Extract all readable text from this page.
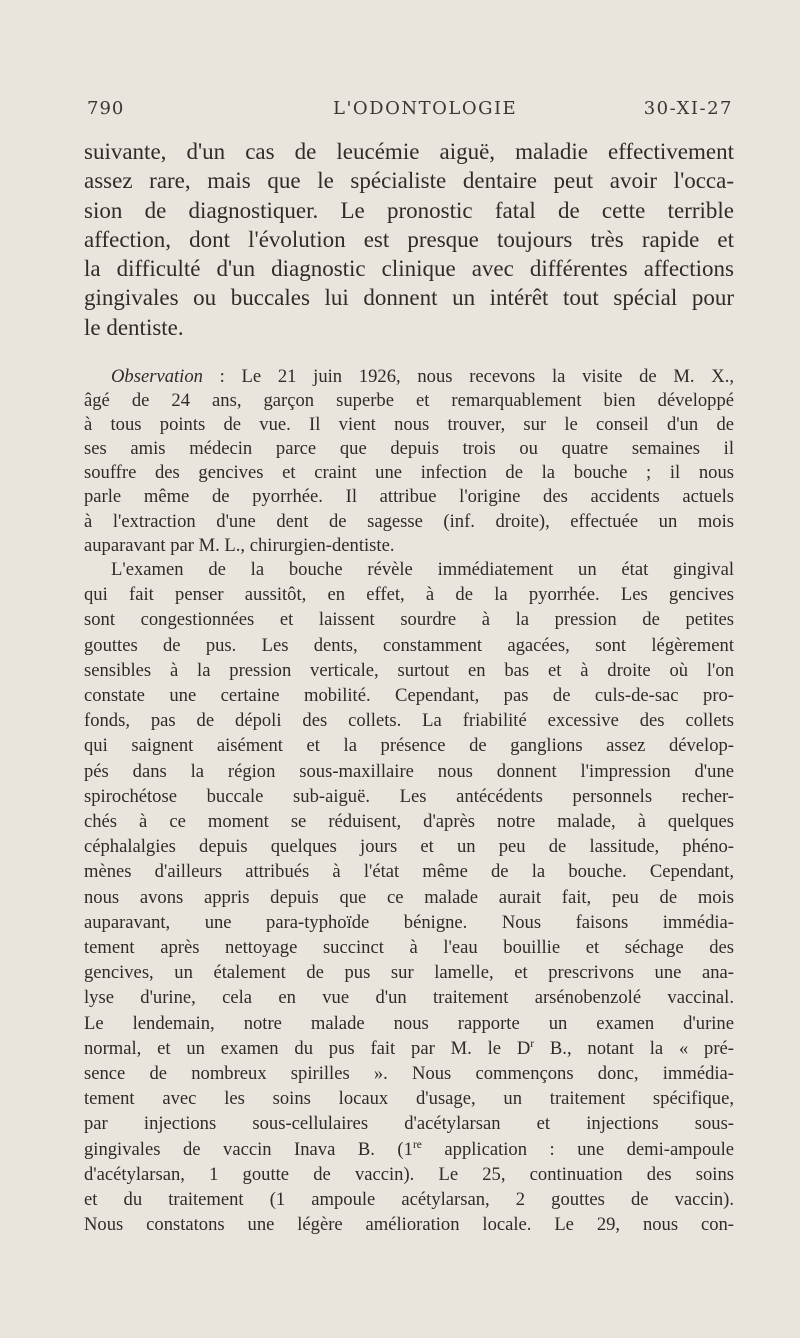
790	L'ODONTOLOGIE	30-XI-27
suivante, d'un cas de leucémie aiguë, maladie effectivement
assez rare, mais que le spécialiste dentaire peut avoir l'occa-
sion de diagnostiquer. Le pronostic fatal de cette terrible
affection, dont l'évolution est presque toujours très rapide et
la difficulté d'un diagnostic clinique avec différentes affections
gingivales ou buccales lui donnent un intérêt tout spécial pour
le dentiste.
Observation : Le 21 juin 1926, nous recevons la visite de M. X.,
âgé de 24 ans, garçon superbe et remarquablement bien développé
à tous points de vue. Il vient nous trouver, sur le conseil d'un de
ses amis médecin parce que depuis trois ou quatre semaines il
souffre des gencives et craint une infection de la bouche ; il nous
parle même de pyorrhée. Il attribue l'origine des accidents actuels
à l'extraction d'une dent de sagesse (inf. droite), effectuée un mois
auparavant par M. L., chirurgien-dentiste.
L'examen de la bouche révèle immédiatement un état gingival
qui fait penser aussitôt, en effet, à de la pyorrhée. Les gencives
sont congestionnées et laissent sourdre à la pression de petites
gouttes de pus. Les dents, constamment agacées, sont légèrement
sensibles à la pression verticale, surtout en bas et à droite où l'on
constate une certaine mobilité. Cependant, pas de culs-de-sac pro-
fonds, pas de dépoli des collets. La friabilité excessive des collets
qui saignent aisément et la présence de ganglions assez dévelop-
pés dans la région sous-maxillaire nous donnent l'impression d'une
spirochétose buccale sub-aiguë. Les antécédents personnels recher-
chés à ce moment se réduisent, d'après notre malade, à quelques
céphalalgies depuis quelques jours et un peu de lassitude, phéno-
mènes d'ailleurs attribués à l'état même de la bouche. Cependant,
nous avons appris depuis que ce malade aurait fait, peu de mois
auparavant, une para-typhoïde bénigne. Nous faisons immédia-
tement après nettoyage succinct à l'eau bouillie et séchage des
gencives, un étalement de pus sur lamelle, et prescrivons une ana-
lyse d'urine, cela en vue d'un traitement arsénobenzolé vaccinal.
Le lendemain, notre malade nous rapporte un examen d'urine
normal, et un examen du pus fait par M. le $D^r$ B., notant la « pré-
sence de nombreux spirilles ». Nous commençons donc, immédia-
tement avec les soins locaux d'usage, un traitement spécifique,
par injections sous-cellulaires d'acétylarsan et injections sous-
gingivales de vaccin Inava B. (1re application : une demi-ampoule
d'acétylarsan, 1 goutte de vaccin). Le 25, continuation des soins
et du traitement (1 ampoule acétylarsan, 2 gouttes de vaccin).
Nous constatons une légère amélioration locale. Le 29, nous con-
